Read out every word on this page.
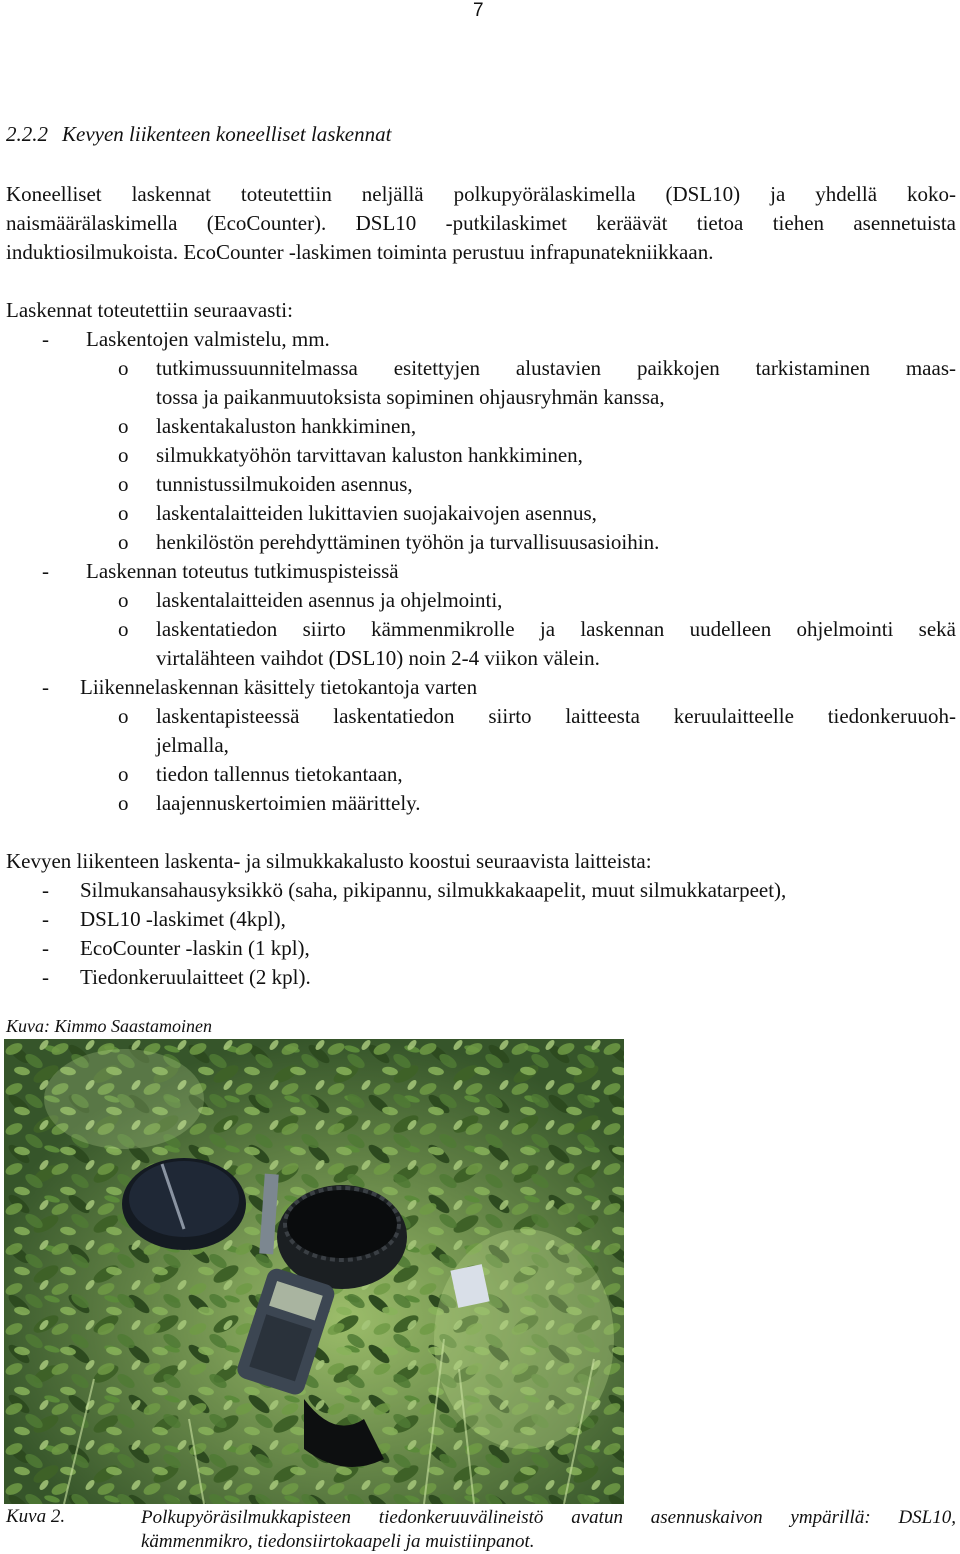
7
2.2.2 Kevyen liikenteen koneelliset laskennat
Koneelliset laskennat toteutettiin neljällä polkupyörälaskimella (DSL10) ja yhdellä koko-
naismäärälaskimella (EcoCounter). DSL10 -putkilaskimet keräävät tietoa tiehen asennetuista
induktiosilmukoista. EcoCounter -laskimen toiminta perustuu infrapunatekniikkaan.
Laskennat toteutettiin seuraavasti:
- Laskentojen valmistelu, mm.
o tutkimussuunnitelmassa esitettyjen alustavien paikkojen tarkistaminen maas-
tossa ja paikanmuutoksista sopiminen ohjausryhmän kanssa,
o laskentakaluston hankkiminen,
o silmukkatyöhön tarvittavan kaluston hankkiminen,
o tunnistussilmukoiden asennus,
o laskentalaitteiden lukittavien suojakaivojen asennus,
o henkilöstön perehdyttäminen työhön ja turvallisuusasioihin.
- Laskennan toteutus tutkimuspisteissä
o laskentalaitteiden asennus ja ohjelmointi,
o laskentatiedon siirto kämmenmikrolle ja laskennan uudelleen ohjelmointi sekä
virtalähteen vaihdot (DSL10) noin 2-4 viikon välein.
- Liikennelaskennan käsittely tietokantoja varten
o laskentapisteessä laskentatiedon siirto laitteesta keruulaitteelle tiedonkeruuoh-
jelmalla,
o tiedon tallennus tietokantaan,
o laajennuskertoimien määrittely.
Kevyen liikenteen laskenta- ja silmukkakalusto koostui seuraavista laitteista:
- Silmukansahausyksikkö (saha, pikipannu, silmukkakaapelit, muut silmukkatarpeet),
- DSL10 -laskimet (4kpl),
- EcoCounter -laskin (1 kpl),
- Tiedonkeruulaitteet (2 kpl).
Kuva: Kimmo Saastamoinen
Kuva 2.	Polkupyöräsilmukkapisteen tiedonkeruuvälineistö avatun asennuskaivon ympärillä: DSL10,
kämmenmikro, tiedonsiirtokaapeli ja muistiinpanot.
